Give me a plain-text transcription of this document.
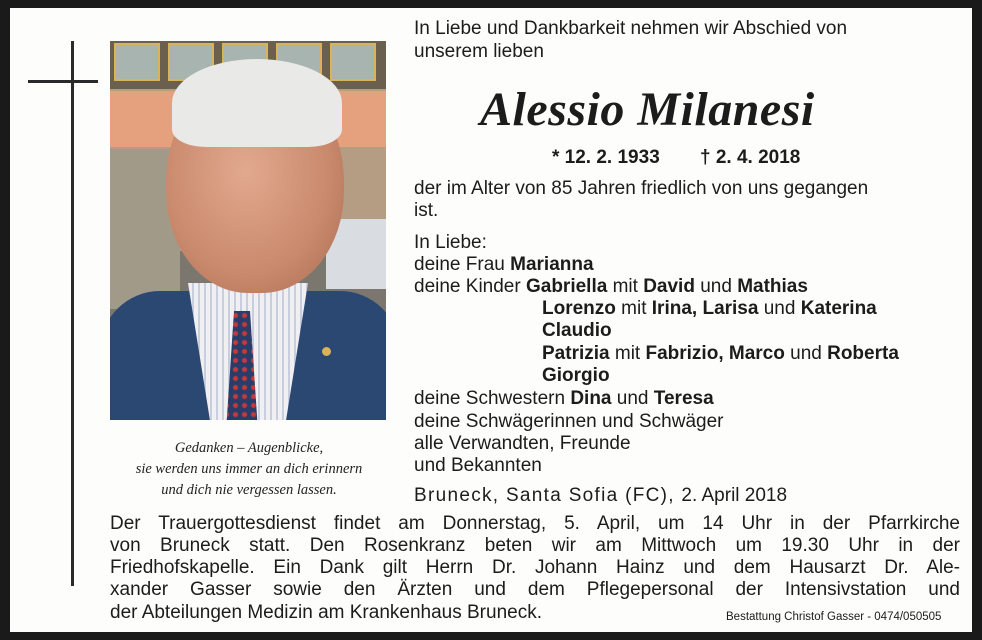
Gedanken – Augenblicke,
sie werden uns immer an dich erinnern
und dich nie vergessen lassen.
In Liebe und Dankbarkeit nehmen wir Abschied von
unserem lieben
Alessio Milanesi
* 12. 2. 1933 † 2. 4. 2018
der im Alter von 85 Jahren friedlich von uns gegangen
ist.
In Liebe:
deine Frau Marianna
deine Kinder Gabriella mit David und Mathias
Lorenzo mit Irina, Larisa und Katerina
Claudio
Patrizia mit Fabrizio, Marco und Roberta
Giorgio
deine Schwestern Dina und Teresa
deine Schwägerinnen und Schwäger
alle Verwandten, Freunde
und Bekannten
Bruneck, Santa Sofia (FC), 2. April 2018
Der Trauergottesdienst findet am Donnerstag, 5. April, um 14 Uhr in der Pfarrkirche
von Bruneck statt. Den Rosenkranz beten wir am Mittwoch um 19.30 Uhr in der
Friedhofskapelle. Ein Dank gilt Herrn Dr. Johann Hainz und dem Hausarzt Dr. Ale-
xander Gasser sowie den Ärzten und dem Pflegepersonal der Intensivstation und
der Abteilungen Medizin am Krankenhaus Bruneck.	Bestattung Christof Gasser - 0474/050505
